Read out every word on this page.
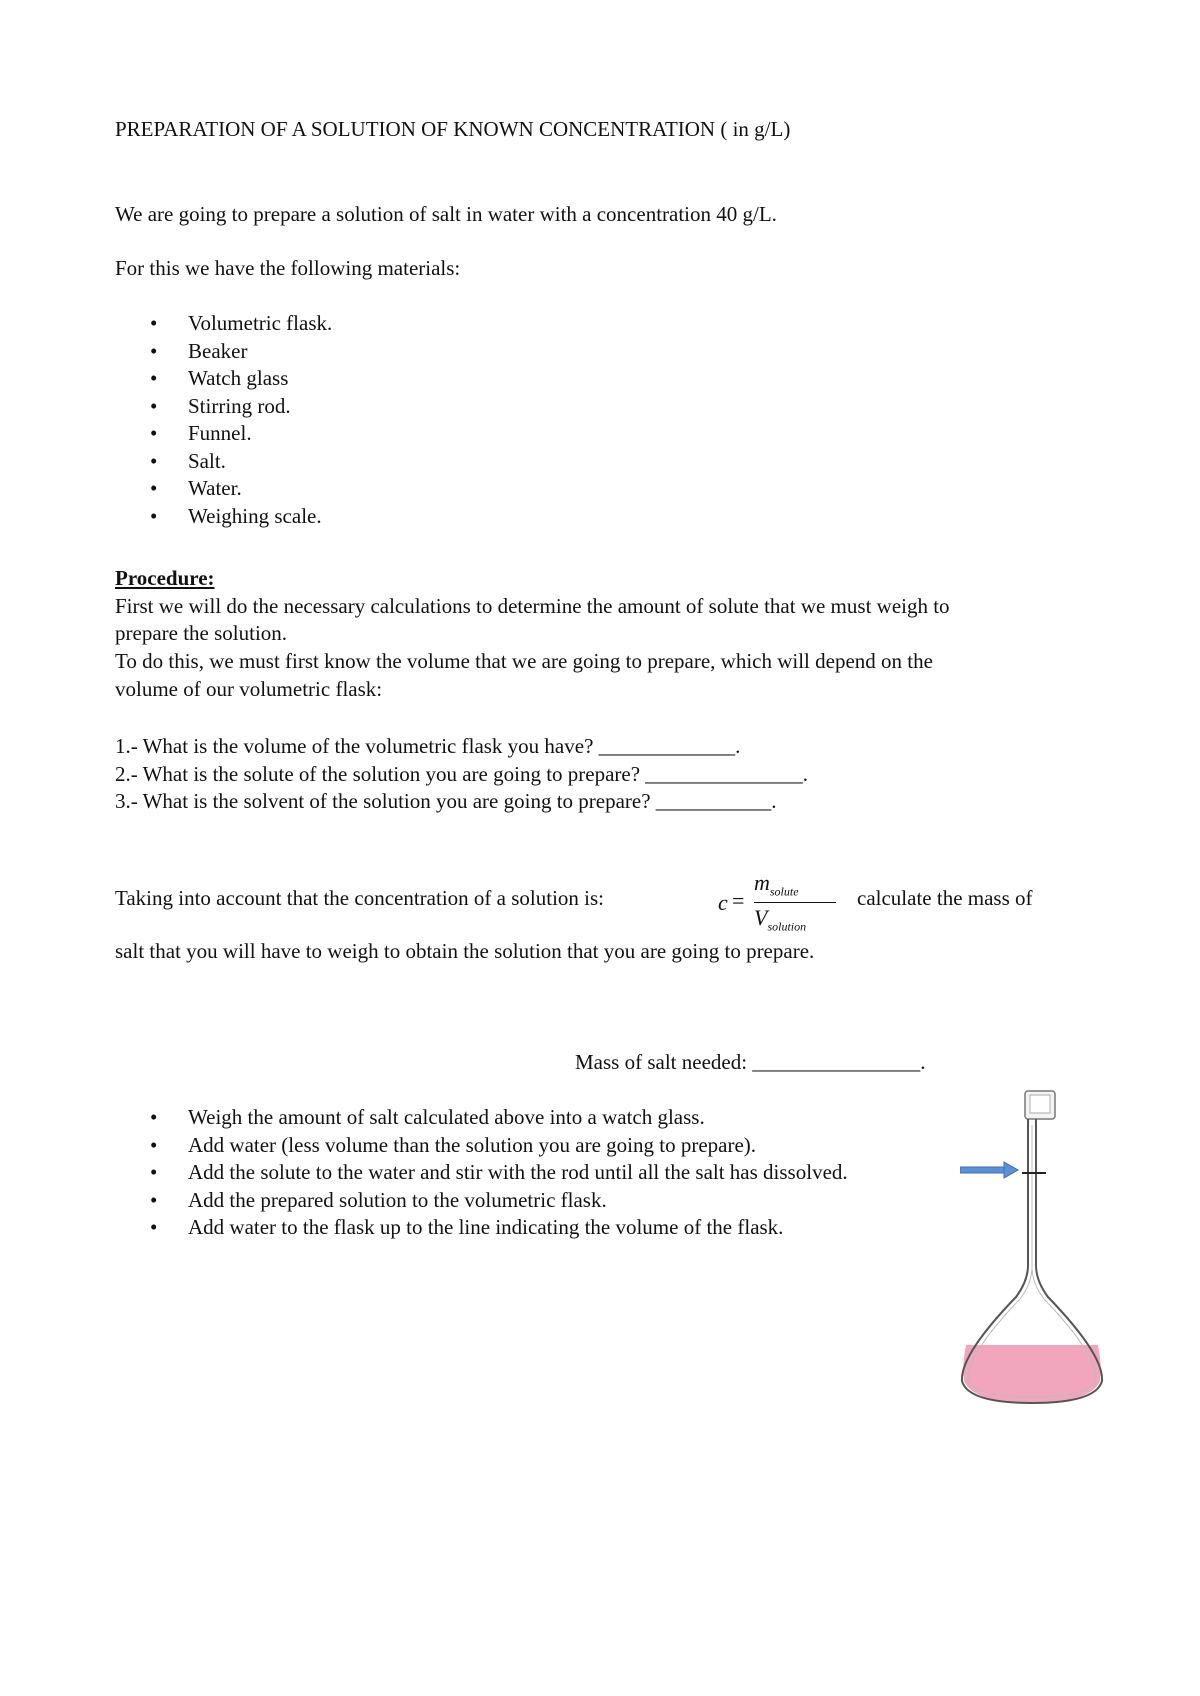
PREPARATION OF A SOLUTION OF KNOWN CONCENTRATION ( in g/L)
We are going to prepare a solution of salt in water with a concentration 40 g/L.
For this we have the following materials:
• Volumetric flask.
• Beaker
• Watch glass
• Stirring rod.
• Funnel.
• Salt.
• Water.
• Weighing scale.
Procedure:
First we will do the necessary calculations to determine the amount of solute that we must weigh to
prepare the solution.
To do this, we must first know the volume that we are going to prepare, which will depend on the
volume of our volumetric flask:
1.- What is the volume of the volumetric flask you have? _____________.
2.- What is the solute of the solution you are going to prepare? _______________.
3.- What is the solvent of the solution you are going to prepare? ___________.
Taking into account that the concentration of a solution is:	c =
$m_{solute}$
$V_{solution}$
calculate the mass of
salt that you will have to weigh to obtain the solution that you are going to prepare.
Mass of salt needed: ________________.
• Weigh the amount of salt calculated above into a watch glass.
• Add water (less volume than the solution you are going to prepare).
• Add the solute to the water and stir with the rod until all the salt has dissolved.
• Add the prepared solution to the volumetric flask.
• Add water to the flask up to the line indicating the volume of the flask.
